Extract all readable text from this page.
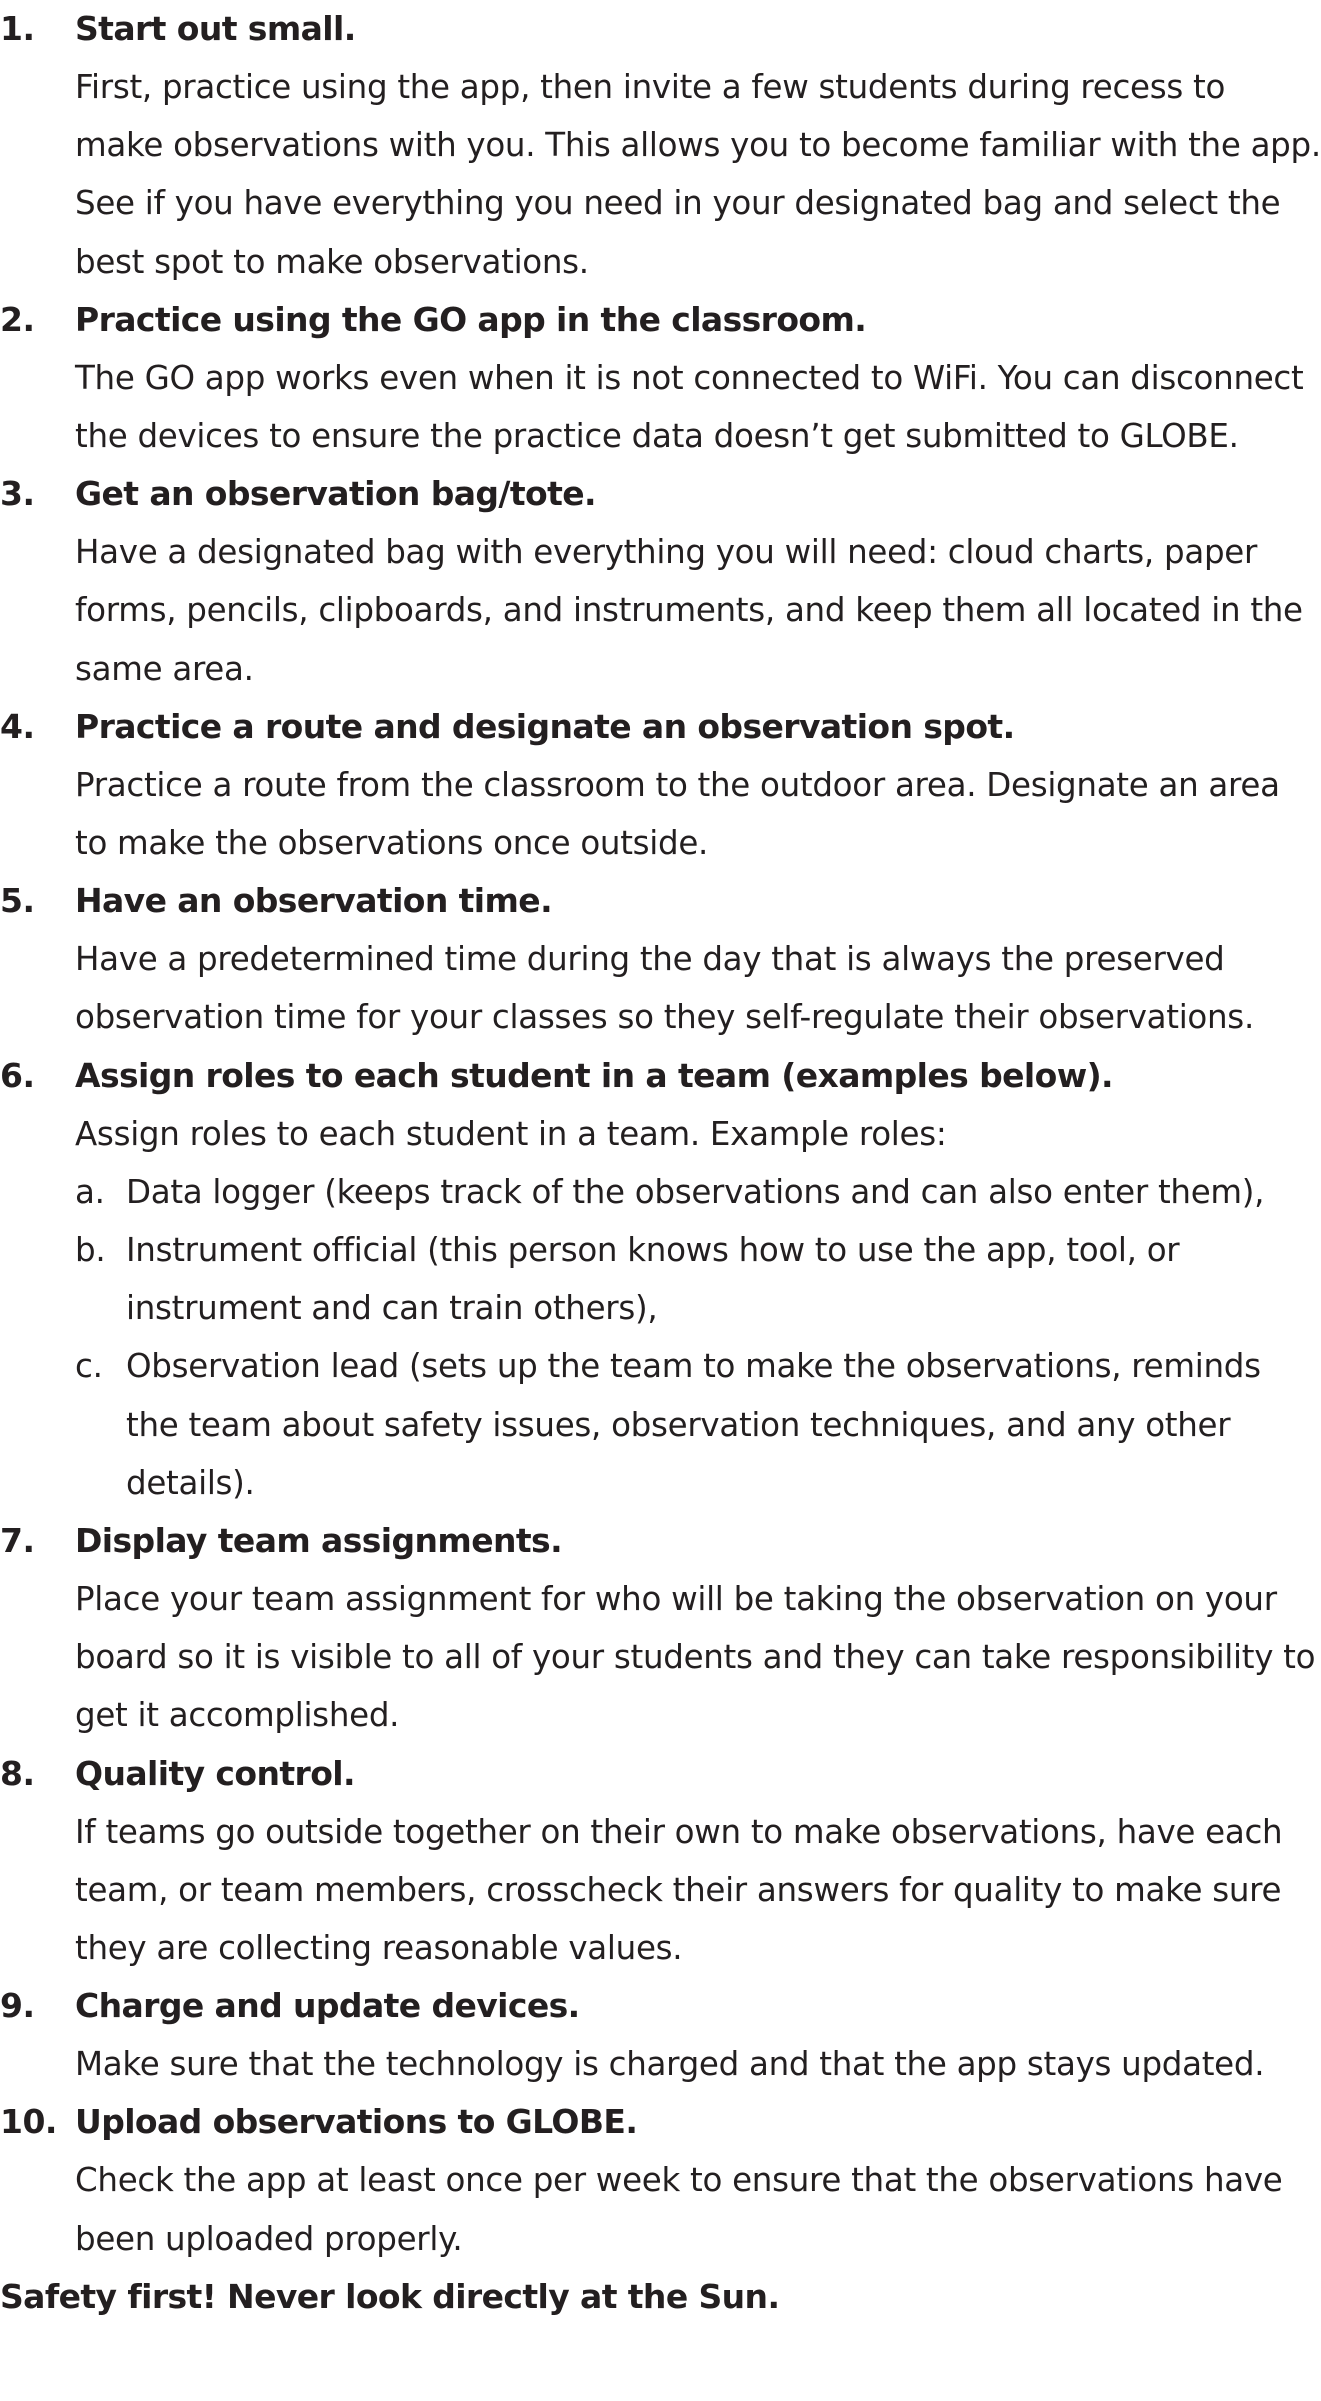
1.	Start out small.
First, practice using the app, then invite a few students during recess to make observations with you. This allows you to become familiar with the app. See if you have everything you need in your designated bag and select the best spot to make observations.
2.	Practice using the GO app in the classroom.
The GO app works even when it is not connected to WiFi. You can disconnect the devices to ensure the practice data doesn’t get submitted to GLOBE.
3.	Get an observation bag/tote.
Have a designated bag with everything you will need: cloud charts, paper forms, pencils, clipboards, and instruments, and keep them all located in the same area.
4.	Practice a route and designate an observation spot.
Practice a route from the classroom to the outdoor area. Designate an area to make the observations once outside.
5.	Have an observation time.
Have a predetermined time during the day that is always the preserved observation time for your classes so they self-regulate their observations.
6.	Assign roles to each student in a team (examples below).
Assign roles to each student in a team. Example roles:
a. Data logger (keeps track of the observations and can also enter them),
b. Instrument official (this person knows how to use the app, tool, or instrument and can train others),
c. Observation lead (sets up the team to make the observations, reminds the team about safety issues, observation techniques, and any other details).
7.	Display team assignments.
Place your team assignment for who will be taking the observation on your board so it is visible to all of your students and they can take responsibility to get it accomplished.
8.	Quality control.
If teams go outside together on their own to make observations, have each team, or team members, crosscheck their answers for quality to make sure they are collecting reasonable values.
9.	Charge and update devices.
Make sure that the technology is charged and that the app stays updated.
10. Upload observations to GLOBE.
Check the app at least once per week to ensure that the observations have been uploaded properly.
Safety first! Never look directly at the Sun.
